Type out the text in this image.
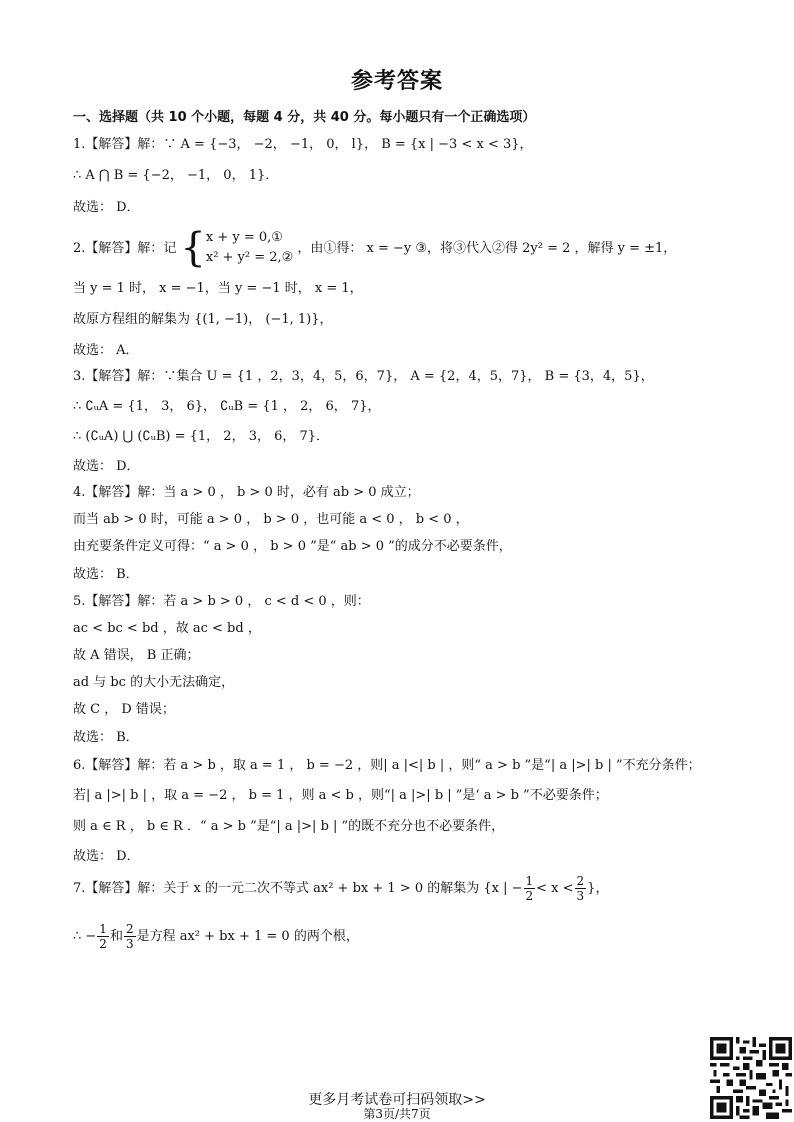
参考答案
一、选择题（共 10 个小题，每题 4 分，共 40 分。每小题只有一个正确选项）
1.【解答】解：∵ A = {−3， −2， −1， 0， l}， B = {x | −3 < x < 3}，
∴ A ⋂ B = {−2， −1， 0， 1}．
故选： D．
2.【解答】解：记 { x + y = 0,①
x² + y² = 2,②
，由①得： x = −y ③，将③代入②得 2y² = 2 ，解得 y = ±1，
当 y = 1 时， x = −1，当 y = −1 时， x = 1，
故原方程组的解集为 {(1, −1)， (−1, 1)}，
故选： A．
3.【解答】解：∵集合 U = {1 ，2，3，4，5，6，7}， A = {2，4，5，7}， B = {3，4，5}，
∴ ∁ᵤA = {1， 3， 6}， ∁ᵤB = {1 ， 2， 6， 7}，
∴ (∁ᵤA) ⋃ (∁ᵤB) = {1， 2， 3， 6， 7}．
故选： D．
4.【解答】解：当 a > 0 ， b > 0 时，必有 ab > 0 成立；
而当 ab > 0 时，可能 a > 0 ， b > 0 ，也可能 a < 0 ， b < 0 ，
由充要条件定义可得：“ a > 0 ， b > 0 ”是“ ab > 0 ”的成分不必要条件，
故选： B．
5.【解答】解：若 a > b > 0 ， c < d < 0 ，则：
ac < bc < bd ，故 ac < bd ，
故 A 错误， B 正确；
ad 与 bc 的大小无法确定，
故 C ， D 错误；
故选： B．
6.【解答】解：若 a > b ，取 a = 1 ， b = −2 ，则| a |<| b | ，则“ a > b ”是“| a |>| b | ”不充分条件；
若| a |>| b | ，取 a = −2 ， b = 1 ，则 a < b ，则“| a |>| b | ”是‘ a > b ”不必要条件；
则 a ∈ R ， b ∈ R ．“ a > b ”是“| a |>| b | ”的既不充分也不必要条件，
故选： D．
7.【解答】解：关于 x 的一元二次不等式 ax² + bx + 1 > 0 的解集为 {x | − $\frac{1}{2} < x < \frac{2}{3}$ }，
∴ − $\frac{1}{2}$ 和 $\frac{2}{3}$ 是方程 ax² + bx + 1 = 0 的两个根，
更多月考试卷可扫码领取>>
第3页/共7页
